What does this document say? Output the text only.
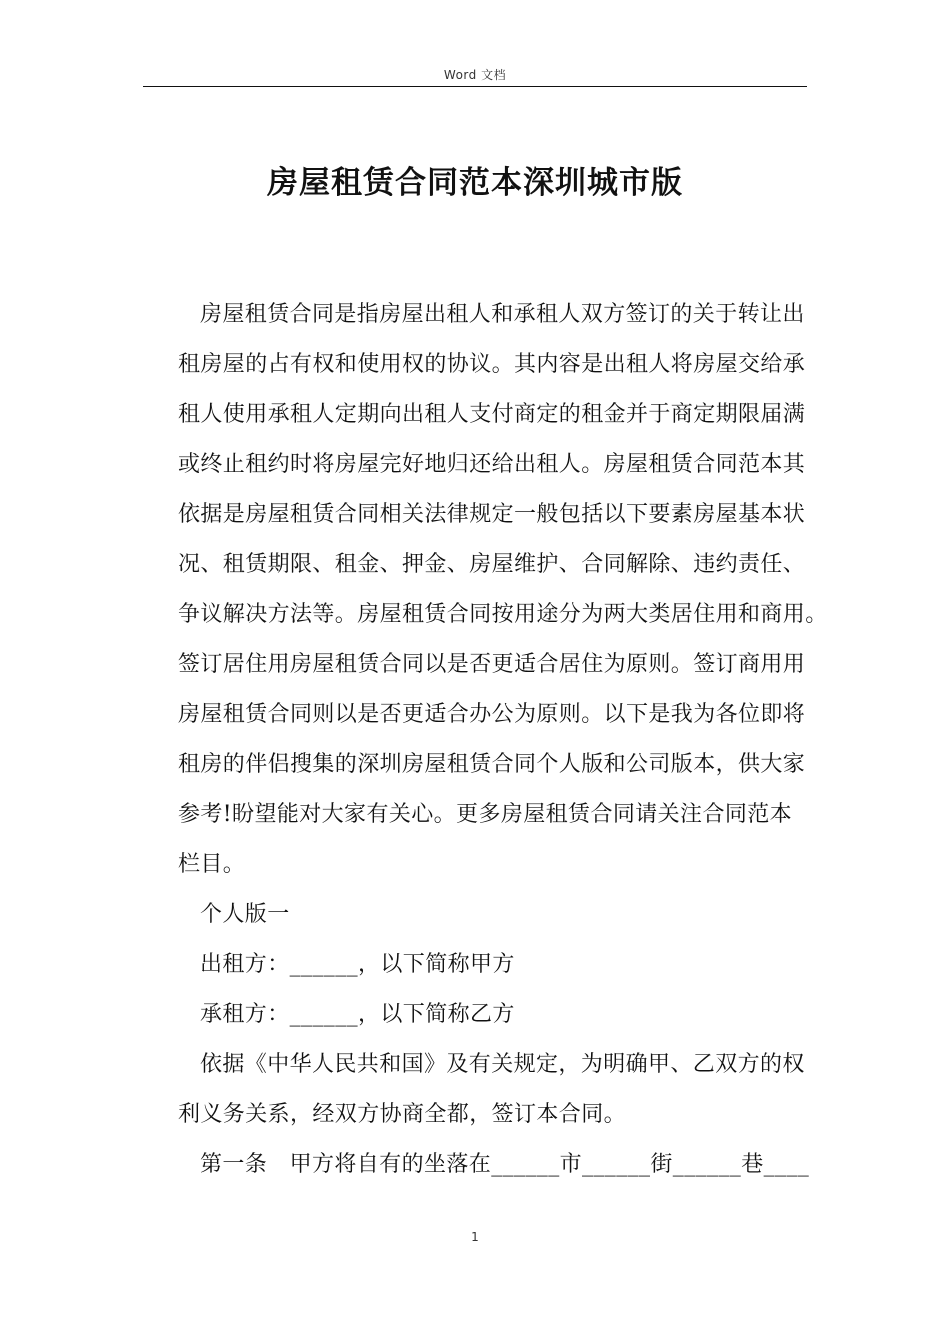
Word 文档
房屋租赁合同范本深圳城市版
房屋租赁合同是指房屋出租人和承租人双方签订的关于转让出
租房屋的占有权和使用权的协议。其内容是出租人将房屋交给承
租人使用承租人定期向出租人支付商定的租金并于商定期限届满
或终止租约时将房屋完好地归还给出租人。房屋租赁合同范本其
依据是房屋租赁合同相关法律规定一般包括以下要素房屋基本状
况、租赁期限、租金、押金、房屋维护、合同解除、违约责任、
争议解决方法等。房屋租赁合同按用途分为两大类居住用和商用。
签订居住用房屋租赁合同以是否更适合居住为原则。签订商用用
房屋租赁合同则以是否更适合办公为原则。以下是我为各位即将
租房的伴侣搜集的深圳房屋租赁合同个人版和公司版本，供大家
参考!盼望能对大家有关心。更多房屋租赁合同请关注合同范本
栏目。
个人版一
出租方：______，以下简称甲方
承租方：______，以下简称乙方
依据《中华人民共和国》及有关规定，为明确甲、乙双方的权
利义务关系，经双方协商全都，签订本合同。
第一条　甲方将自有的坐落在______市______街______巷____
1
